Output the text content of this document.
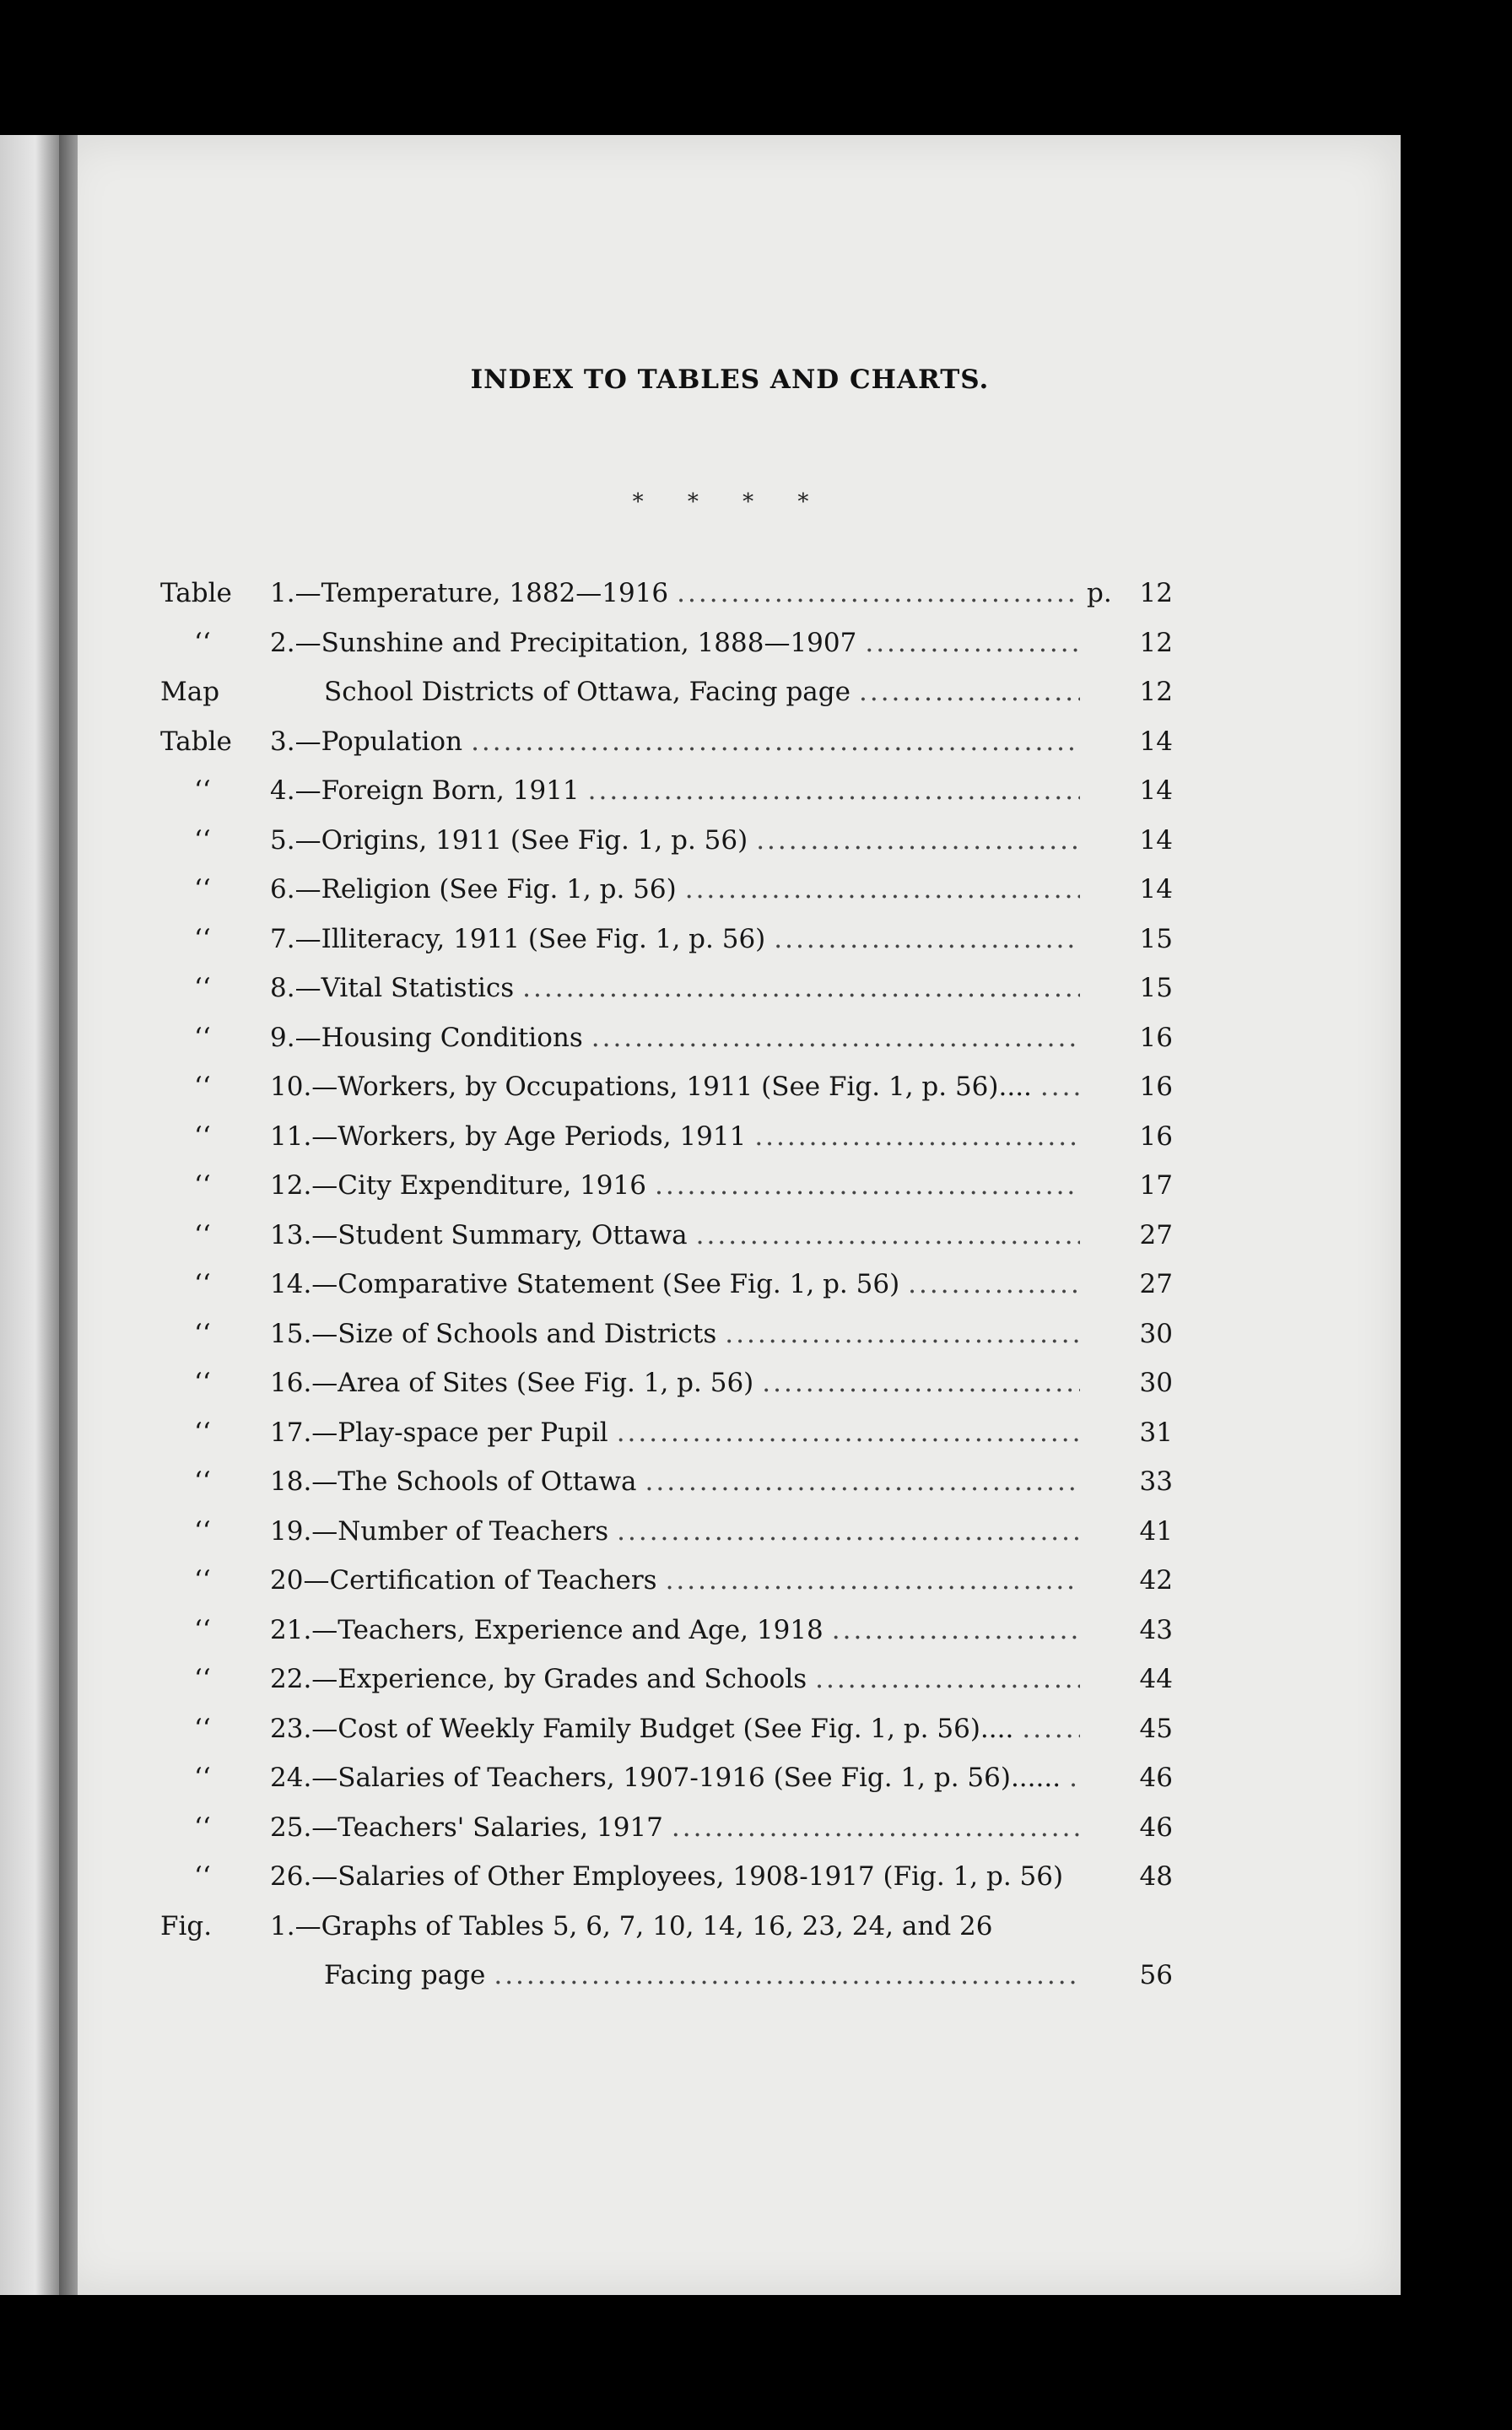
INDEX TO TABLES AND CHARTS.
* * * *
Table	1.—Temperature, 1882—1916 .....	p.	12
‘‘	2.—Sunshine and Precipitation, 1888—1907 .....	12
Map	School Districts of Ottawa, Facing page .....	12
Table	3.—Population .....	14
‘‘	4.—Foreign Born, 1911 .....	14
‘‘	5.—Origins, 1911 (See Fig. 1, p. 56) .....	14
‘‘	6.—Religion (See Fig. 1, p. 56) .....	14
‘‘	7.—Illiteracy, 1911 (See Fig. 1, p. 56) .....	15
‘‘	8.—Vital Statistics .....	15
‘‘	9.—Housing Conditions .....	16
‘‘	10.—Workers, by Occupations, 1911 (See Fig. 1, p. 56).... .....	16
‘‘	11.—Workers, by Age Periods, 1911 .....	16
‘‘	12.—City Expenditure, 1916 .....	17
‘‘	13.—Student Summary, Ottawa .....	27
‘‘	14.—Comparative Statement (See Fig. 1, p. 56) .....	27
‘‘	15.—Size of Schools and Districts .....	30
‘‘	16.—Area of Sites (See Fig. 1, p. 56) .....	30
‘‘	17.—Play-space per Pupil .....	31
‘‘	18.—The Schools of Ottawa .....	33
‘‘	19.—Number of Teachers .....	41
‘‘	20—Certification of Teachers .....	42
‘‘	21.—Teachers, Experience and Age, 1918 .....	43
‘‘	22.—Experience, by Grades and Schools .....	44
‘‘	23.—Cost of Weekly Family Budget (See Fig. 1, p. 56).... .....	45
‘‘	24.—Salaries of Teachers, 1907-1916 (See Fig. 1, p. 56)...... .....	46
‘‘	25.—Teachers' Salaries, 1917 .....	46
‘‘	26.—Salaries of Other Employees, 1908-1917 (Fig. 1, p. 56)	48
Fig.	1.—Graphs of Tables 5, 6, 7, 10, 14, 16, 23, 24, and 26
Facing page .....	56
